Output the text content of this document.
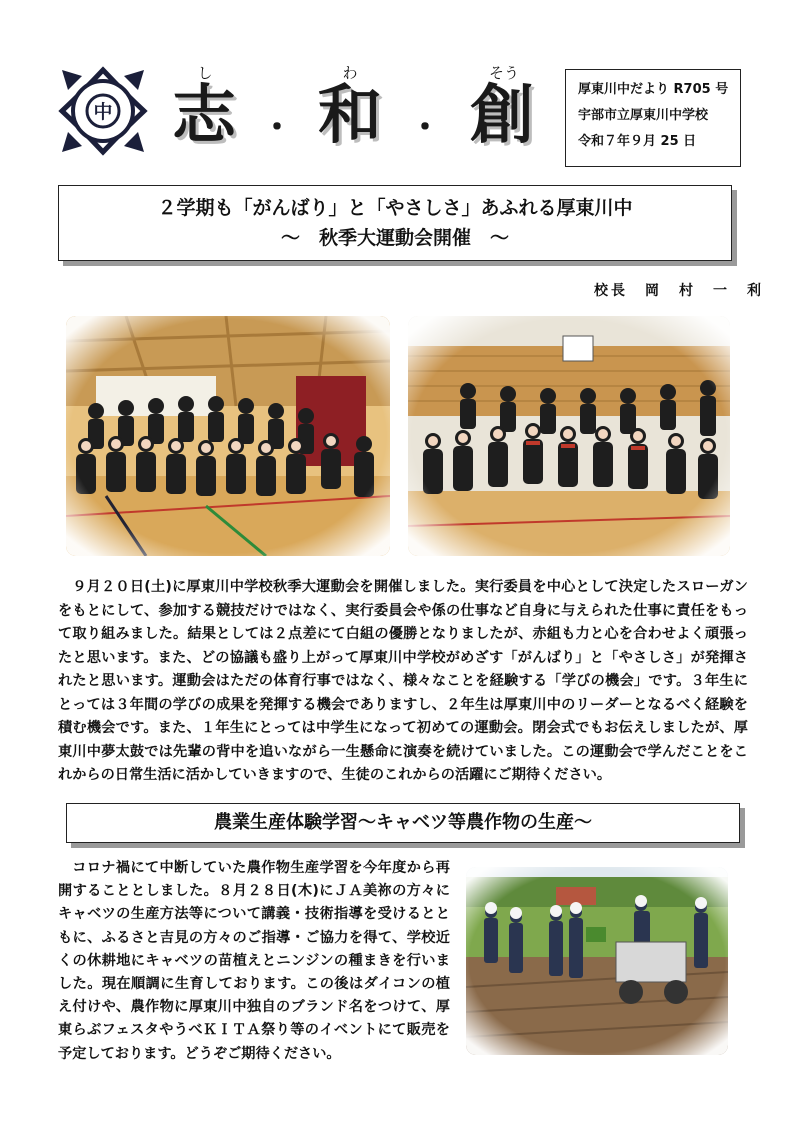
中
し	わ	そう
志 ・ 和 ・ 創	厚東川中だより R705 号
宇部市立厚東川中学校
令和７年９月 25 日
２学期も「がんばり」と「やさしさ」あふれる厚東川中
〜　秋季大運動会開催　〜
校長　岡　村　一　利
９月２０日(土)に厚東川中学校秋季大運動会を開催しました。実行委員を中心として決定したスローガンをもとにして、参加する競技だけではなく、実行委員会や係の仕事など自身に与えられた仕事に責任をもって取り組みました。結果としては２点差にて白組の優勝となりましたが、赤組も力と心を合わせよく頑張ったと思います。また、どの協議も盛り上がって厚東川中学校がめざす「がんばり」と「やさしさ」が発揮されたと思います。運動会はただの体育行事ではなく、様々なことを経験する「学びの機会」です。３年生にとっては３年間の学びの成果を発揮する機会でありますし、２年生は厚東川中のリーダーとなるべく経験を積む機会です。また、１年生にとっては中学生になって初めての運動会。閉会式でもお伝えしましたが、厚東川中夢太鼓では先輩の背中を追いながら一生懸命に演奏を続けていました。この運動会で学んだことをこれからの日常生活に活かしていきますので、生徒のこれからの活躍にご期待ください。
農業生産体験学習〜キャベツ等農作物の生産〜
コロナ禍にて中断していた農作物生産学習を今年度から再開することとしました。８月２８日(木)にＪＡ美祢の方々にキャベツの生産方法等について講義・技術指導を受けるとともに、ふるさと吉見の方々のご指導・ご協力を得て、学校近くの休耕地にキャベツの苗植えとニンジンの種まきを行いました。現在順調に生育しております。この後はダイコンの植え付けや、農作物に厚東川中独自のブランド名をつけて、厚東らぶフェスタやうべＫＩＴＡ祭り等のイベントにて販売を予定しております。どうぞご期待ください。
